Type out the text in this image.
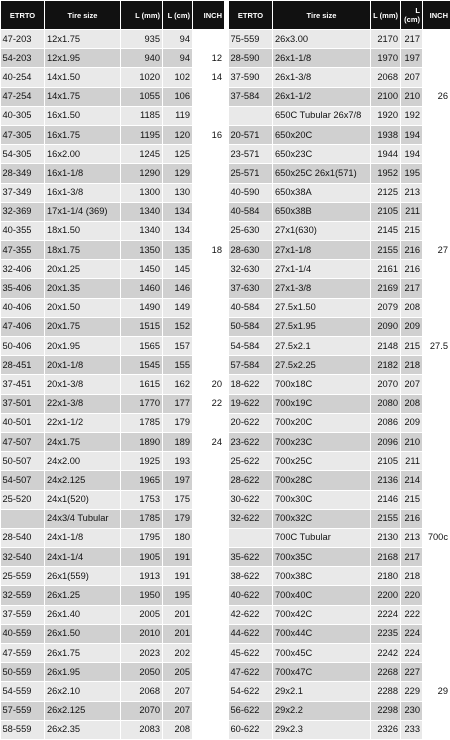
ETRTO	Tire size	L (mm)	L (cm)	INCH
47-203	12x1.75	935	94	
54-203	12x1.95	940	94	12
40-254	14x1.50	1020	102	14
47-254	14x1.75	1055	106	
40-305	16x1.50	1185	119	
47-305	16x1.75	1195	120	16
54-305	16x2.00	1245	125	
28-349	16x1-1/8	1290	129	
37-349	16x1-3/8	1300	130	
32-369	17x1-1/4 (369)	1340	134	
40-355	18x1.50	1340	134	
47-355	18x1.75	1350	135	18
32-406	20x1.25	1450	145	
35-406	20x1.35	1460	146	
40-406	20x1.50	1490	149	
47-406	20x1.75	1515	152	
50-406	20x1.95	1565	157	
28-451	20x1-1/8	1545	155	
37-451	20x1-3/8	1615	162	20
37-501	22x1-3/8	1770	177	22
40-501	22x1-1/2	1785	179	
47-507	24x1.75	1890	189	24
50-507	24x2.00	1925	193	
54-507	24x2.125	1965	197	
25-520	24x1(520)	1753	175	
	24x3/4 Tubular	1785	179	
28-540	24x1-1/8	1795	180	
32-540	24x1-1/4	1905	191	
25-559	26x1(559)	1913	191	
32-559	26x1.25	1950	195	
37-559	26x1.40	2005	201	
40-559	26x1.50	2010	201	
47-559	26x1.75	2023	202	
50-559	26x1.95	2050	205	
54-559	26x2.10	2068	207	
57-559	26x2.125	2070	207	
58-559	26x2.35	2083	208	
ETRTO	Tire size	L (mm)	L (cm)	INCH
75-559	26x3.00	2170	217	
28-590	26x1-1/8	1970	197	
37-590	26x1-3/8	2068	207	
37-584	26x1-1/2	2100	210	26
	650C Tubular 26x7/8	1920	192	
20-571	650x20C	1938	194	
23-571	650x23C	1944	194	
25-571	650x25C 26x1(571)	1952	195	
40-590	650x38A	2125	213	
40-584	650x38B	2105	211	
25-630	27x1(630)	2145	215	
28-630	27x1-1/8	2155	216	27
32-630	27x1-1/4	2161	216	
37-630	27x1-3/8	2169	217	
40-584	27.5x1.50	2079	208	
50-584	27.5x1.95	2090	209	
54-584	27.5x2.1	2148	215	27.5
57-584	27.5x2.25	2182	218	
18-622	700x18C	2070	207	
19-622	700x19C	2080	208	
20-622	700x20C	2086	209	
23-622	700x23C	2096	210	
25-622	700x25C	2105	211	
28-622	700x28C	2136	214	
30-622	700x30C	2146	215	
32-622	700x32C	2155	216	
	700C Tubular	2130	213	700c
35-622	700x35C	2168	217	
38-622	700x38C	2180	218	
40-622	700x40C	2200	220	
42-622	700x42C	2224	222	
44-622	700x44C	2235	224	
45-622	700x45C	2242	224	
47-622	700x47C	2268	227	
54-622	29x2.1	2288	229	29
56-622	29x2.2	2298	230	
60-622	29x2.3	2326	233	
